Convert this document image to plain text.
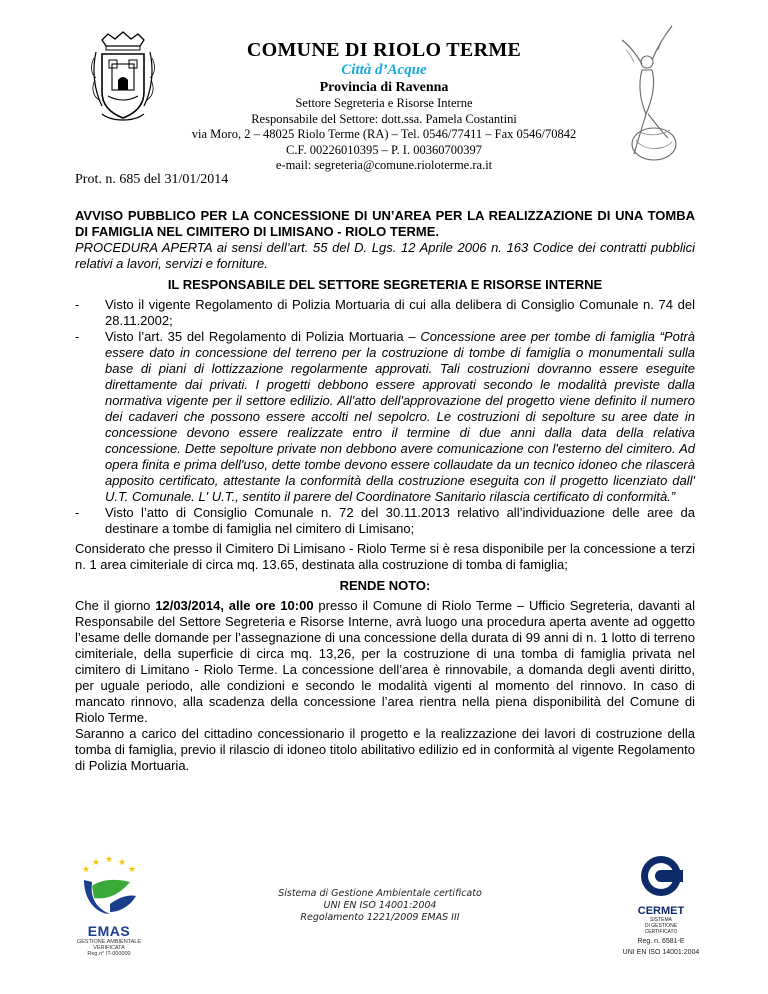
COMUNE DI RIOLO TERME
Città d’Acque
Provincia di Ravenna
Settore Segreteria e Risorse Interne
Responsabile del Settore: dott.ssa. Pamela Costantini
via Moro, 2 – 48025 Riolo Terme (RA) – Tel. 0546/77411 – Fax 0546/70842
C.F. 00226010395 – P. I. 00360700397
e-mail: segreteria@comune.rioloterme.ra.it
Prot. n. 685 del 31/01/2014

AVVISO PUBBLICO PER LA CONCESSIONE DI UN’AREA PER LA REALIZZAZIONE DI UNA TOMBA DI FAMIGLIA NEL CIMITERO DI LIMISANO - RIOLO TERME.

PROCEDURA APERTA ai sensi dell’art. 55 del D. Lgs. 12 Aprile 2006 n. 163 Codice dei contratti pubblici relativi a lavori, servizi e forniture.

IL RESPONSABILE DEL SETTORE SEGRETERIA E RISORSE INTERNE

- Visto il vigente Regolamento di Polizia Mortuaria di cui alla delibera di Consiglio Comunale n. 74 del 28.11.2002;
- Visto l’art. 35 del Regolamento di Polizia Mortuaria – Concessione aree per tombe di famiglia “Potrà essere dato in concessione del terreno per la costruzione di tombe di famiglia o monumentali sulla base di piani di lottizzazione regolarmente approvati. Tali costruzioni dovranno essere eseguite direttamente dai privati. I progetti debbono essere approvati secondo le modalità previste dalla normativa vigente per il settore edilizio. All'atto dell'approvazione del progetto viene definito il numero dei cadaveri che possono essere accolti nel sepolcro. Le costruzioni di sepolture su aree date in concessione devono essere realizzate entro il termine di due anni dalla data della relativa concessione. Dette sepolture private non debbono avere comunicazione con l'esterno del cimitero. Ad opera finita e prima dell'uso, dette tombe devono essere collaudate da un tecnico idoneo che rilascerà apposito certificato, attestante la conformità della costruzione eseguita con il progetto licenziato dall' U.T. Comunale. L' U.T., sentito il parere del Coordinatore Sanitario rilascia certificato di conformità.”
- Visto l’atto di Consiglio Comunale n. 72 del 30.11.2013 relativo all’individuazione delle aree da destinare a tombe di famiglia nel cimitero di Limisano;

Considerato che presso il Cimitero Di Limisano - Riolo Terme si è resa disponibile per la concessione a terzi n. 1 area cimiteriale di circa mq. 13.65, destinata alla costruzione di tomba di famiglia;

RENDE NOTO:

Che il giorno 12/03/2014, alle ore 10:00 presso il Comune di Riolo Terme – Ufficio Segreteria, davanti al Responsabile del Settore Segreteria e Risorse Interne, avrà luogo una procedura aperta avente ad oggetto l’esame delle domande per l’assegnazione di una concessione della durata di 99 anni di n. 1 lotto di terreno cimiteriale, della superficie di circa mq. 13,26, per la costruzione di una tomba di famiglia privata nel cimitero di Limitano - Riolo Terme. La concessione dell’area è rinnovabile, a domanda degli aventi diritto, per uguale periodo, alle condizioni e secondo le modalità vigenti al momento del rinnovo. In caso di mancato rinnovo, alla scadenza della concessione l’area rientra nella piena disponibilità del Comune di Riolo Terme.

Saranno a carico del cittadino concessionario il progetto e la realizzazione dei lavori di costruzione della tomba di famiglia, previo il rilascio di idoneo titolo abilitativo edilizio ed in conformità al vigente Regolamento di Polizia Mortuaria.

★
★ ★
★	★
EMAS
GESTIONE AMBIENTALE
VERIFICATA
Reg.n° IT-000000
Sistema di Gestione Ambientale certificato
UNI EN ISO 14001:2004
Regolamento 1221/2009 EMAS III
CERMET
SISTEMA
DI GESTIONE
CERTIFICATO
Reg. n. 6581-E
UNI EN ISO 14001:2004
